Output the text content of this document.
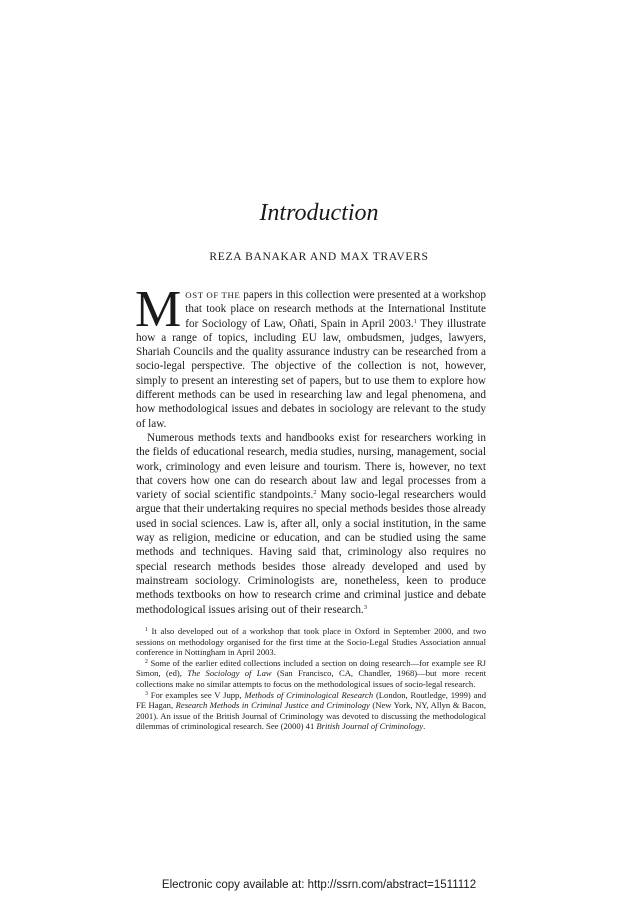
Introduction
REZA BANAKAR AND MAX TRAVERS

MOST OF THE papers in this collection were presented at a workshop that took place on research methods at the International Institute for Sociology of Law, Oñati, Spain in April 2003.$^1$ They illustrate how a range of topics, including EU law, ombudsmen, judges, lawyers, Shariah Councils and the quality assurance industry can be researched from a socio-legal perspective. The objective of the collection is not, however, simply to present an interesting set of papers, but to use them to explore how different methods can be used in researching law and legal phenomena, and how methodological issues and debates in sociology are relevant to the study of law.

Numerous methods texts and handbooks exist for researchers working in the fields of educational research, media studies, nursing, management, social work, criminology and even leisure and tourism. There is, however, no text that covers how one can do research about law and legal processes from a variety of social scientific standpoints.$^2$ Many socio-legal researchers would argue that their undertaking requires no special methods besides those already used in social sciences. Law is, after all, only a social institution, in the same way as religion, medicine or education, and can be studied using the same methods and techniques. Having said that, criminology also requires no special research methods besides those already developed and used by mainstream sociology. Criminologists are, nonetheless, keen to produce methods textbooks on how to research crime and criminal justice and debate methodological issues arising out of their research.$^3$

$^1$ It also developed out of a workshop that took place in Oxford in September 2000, and two sessions on methodology organised for the first time at the Socio-Legal Studies Association annual conference in Nottingham in April 2003.

$^2$ Some of the earlier edited collections included a section on doing research—for example see RJ Simon, (ed), The Sociology of Law (San Francisco, CA, Chandler, 1968)—but more recent collections make no similar attempts to focus on the methodological issues of socio-legal research.

$^3$ For examples see V Jupp, Methods of Criminological Research (London, Routledge, 1999) and FE Hagan, Research Methods in Criminal Justice and Criminology (New York, NY, Allyn & Bacon, 2001). An issue of the British Journal of Criminology was devoted to discussing the methodological dilemmas of criminological research. See (2000) 41 British Journal of Criminology.

Electronic copy available at: http://ssrn.com/abstract=1511112
